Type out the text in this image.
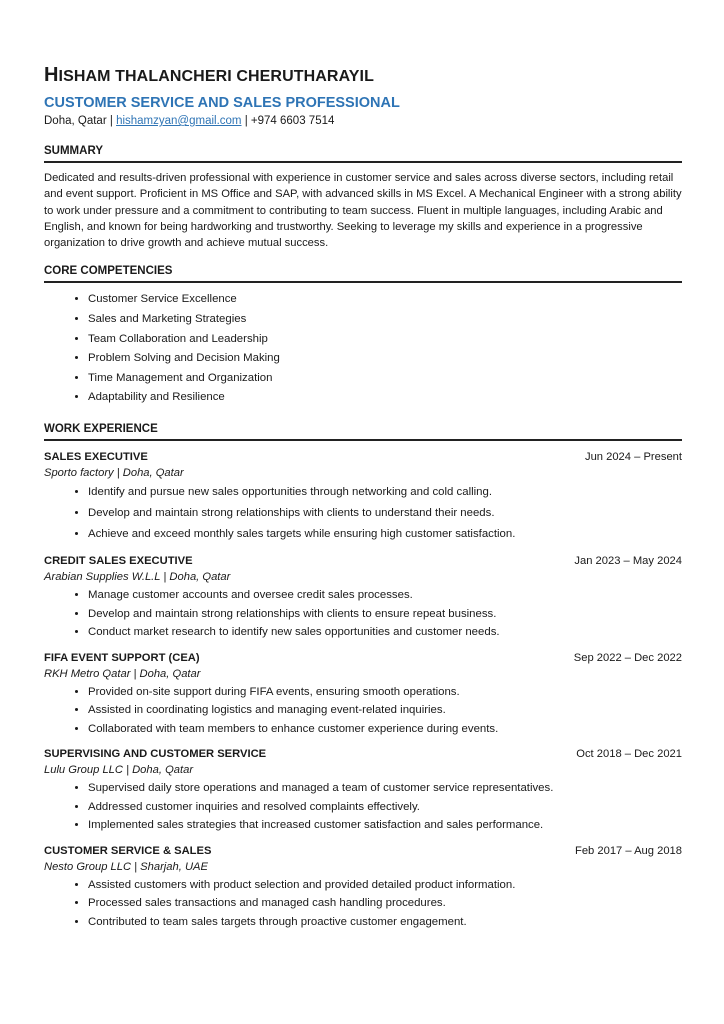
HISHAM THALANCHERI CHERUTHARAYIL
CUSTOMER SERVICE AND SALES PROFESSIONAL
Doha, Qatar | hishamzyan@gmail.com | +974 6603 7514
SUMMARY
Dedicated and results-driven professional with experience in customer service and sales across diverse sectors, including retail and event support. Proficient in MS Office and SAP, with advanced skills in MS Excel. A Mechanical Engineer with a strong ability to work under pressure and a commitment to contributing to team success. Fluent in multiple languages, including Arabic and English, and known for being hardworking and trustworthy. Seeking to leverage my skills and experience in a progressive organization to drive growth and achieve mutual success.
CORE COMPETENCIES
• Customer Service Excellence
• Sales and Marketing Strategies
• Team Collaboration and Leadership
• Problem Solving and Decision Making
• Time Management and Organization
• Adaptability and Resilience
WORK EXPERIENCE
SALES EXECUTIVE	Jun 2024 – Present
Sporto factory | Doha, Qatar
• Identify and pursue new sales opportunities through networking and cold calling.
• Develop and maintain strong relationships with clients to understand their needs.
• Achieve and exceed monthly sales targets while ensuring high customer satisfaction.
CREDIT SALES EXECUTIVE	Jan 2023 – May 2024
Arabian Supplies W.L.L | Doha, Qatar
• Manage customer accounts and oversee credit sales processes.
• Develop and maintain strong relationships with clients to ensure repeat business.
• Conduct market research to identify new sales opportunities and customer needs.
FIFA EVENT SUPPORT (CEA)	Sep 2022 – Dec 2022
RKH Metro Qatar | Doha, Qatar
• Provided on-site support during FIFA events, ensuring smooth operations.
• Assisted in coordinating logistics and managing event-related inquiries.
• Collaborated with team members to enhance customer experience during events.
SUPERVISING AND CUSTOMER SERVICE	Oct 2018 – Dec 2021
Lulu Group LLC | Doha, Qatar
• Supervised daily store operations and managed a team of customer service representatives.
• Addressed customer inquiries and resolved complaints effectively.
• Implemented sales strategies that increased customer satisfaction and sales performance.
CUSTOMER SERVICE & SALES	Feb 2017 – Aug 2018
Nesto Group LLC | Sharjah, UAE
• Assisted customers with product selection and provided detailed product information.
• Processed sales transactions and managed cash handling procedures.
• Contributed to team sales targets through proactive customer engagement.
